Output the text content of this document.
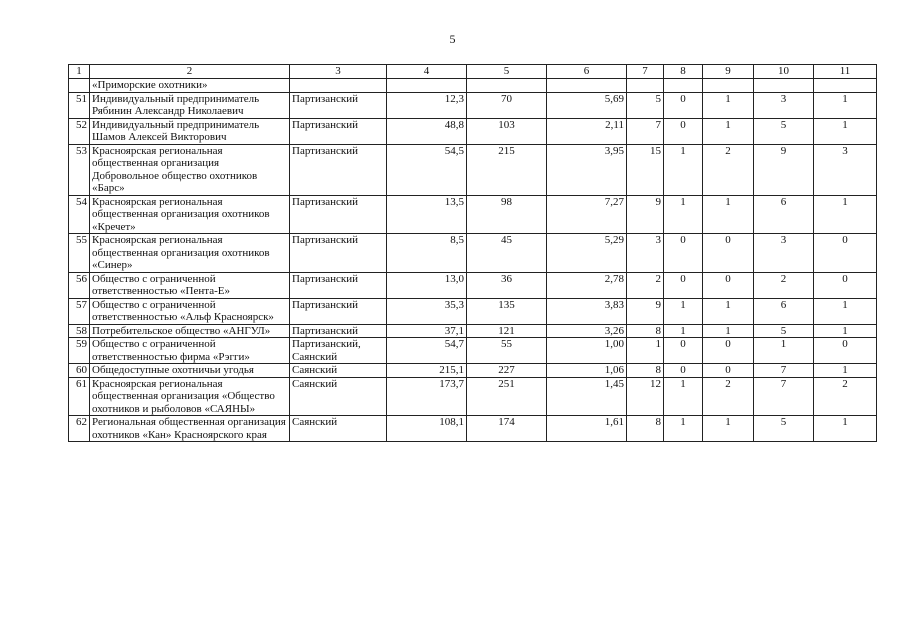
5
1	2	3	4	5	6	7	8	9	10	11
	«Приморские охотники»									
51	Индивидуальный предприниматель Рябинин Александр Николаевич	Партизанский	12,3	70	5,69	5	0	1	3	1
52	Индивидуальный предприниматель Шамов Алексей Викторович	Партизанский	48,8	103	2,11	7	0	1	5	1
53	Красноярская региональная общественная организация Добровольное общество охотников «Барс»	Партизанский	54,5	215	3,95	15	1	2	9	3
54	Красноярская региональная общественная организация охотников «Кречет»	Партизанский	13,5	98	7,27	9	1	1	6	1
55	Красноярская региональная общественная организация охотников «Синер»	Партизанский	8,5	45	5,29	3	0	0	3	0
56	Общество с ограниченной ответственностью «Пента-Е»	Партизанский	13,0	36	2,78	2	0	0	2	0
57	Общество с ограниченной ответственностью «Альф Красноярск»	Партизанский	35,3	135	3,83	9	1	1	6	1
58	Потребительское общество «АНГУЛ»	Партизанский	37,1	121	3,26	8	1	1	5	1
59	Общество с ограниченной ответственностью фирма «Рэгги»	Партизанский, Саянский	54,7	55	1,00	1	0	0	1	0
60	Общедоступные охотничьи угодья	Саянский	215,1	227	1,06	8	0	0	7	1
61	Красноярская региональная общественная организация «Общество охотников и рыболовов «САЯНЫ»	Саянский	173,7	251	1,45	12	1	2	7	2
62	Региональная общественная организация охотников «Кан» Красноярского края	Саянский	108,1	174	1,61	8	1	1	5	1
